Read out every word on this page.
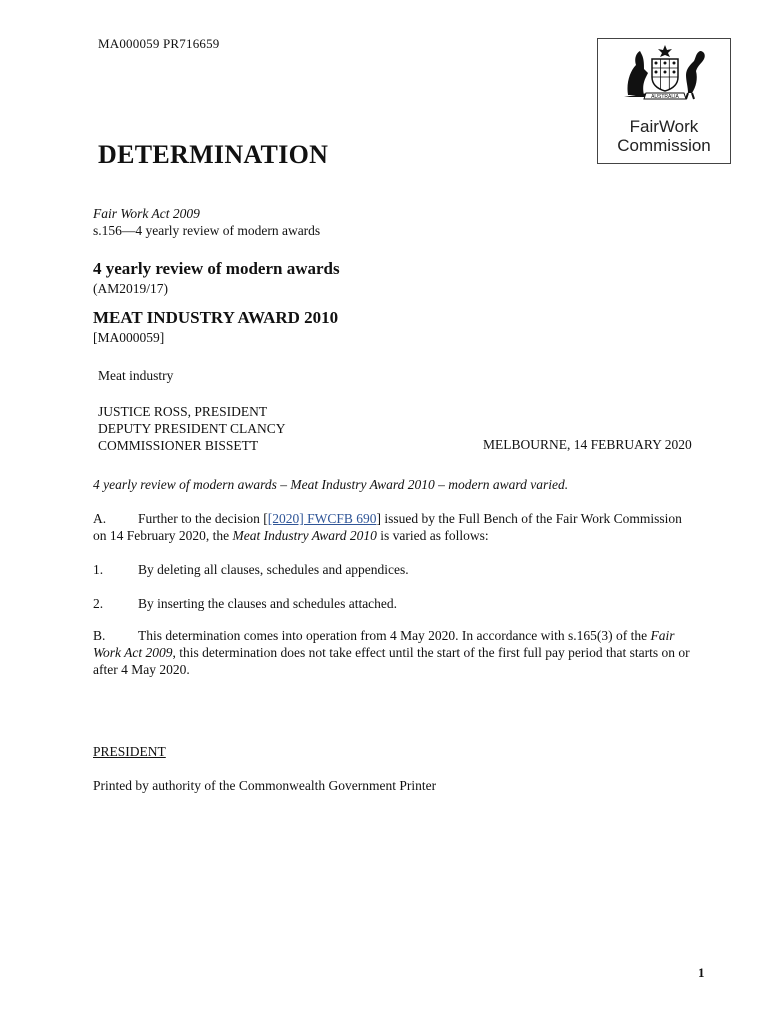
MA000059 PR716659
AUSTRALIA
FairWork
Commission
DETERMINATION
Fair Work Act 2009
s.156—4 yearly review of modern awards
4 yearly review of modern awards
(AM2019/17)
MEAT INDUSTRY AWARD 2010
[MA000059]
Meat industry
JUSTICE ROSS, PRESIDENT
DEPUTY PRESIDENT CLANCY
COMMISSIONER BISSETT	MELBOURNE, 14 FEBRUARY 2020
4 yearly review of modern awards – Meat Industry Award 2010 – modern award varied.
A. Further to the decision [[2020] FWCFB 690] issued by the Full Bench of the Fair Work Commission on 14 February 2020, the Meat Industry Award 2010 is varied as follows:
1.	By deleting all clauses, schedules and appendices.
2.	By inserting the clauses and schedules attached.
B. This determination comes into operation from 4 May 2020. In accordance with s.165(3) of the Fair Work Act 2009, this determination does not take effect until the start of the first full pay period that starts on or after 4 May 2020.
PRESIDENT
Printed by authority of the Commonwealth Government Printer
1
